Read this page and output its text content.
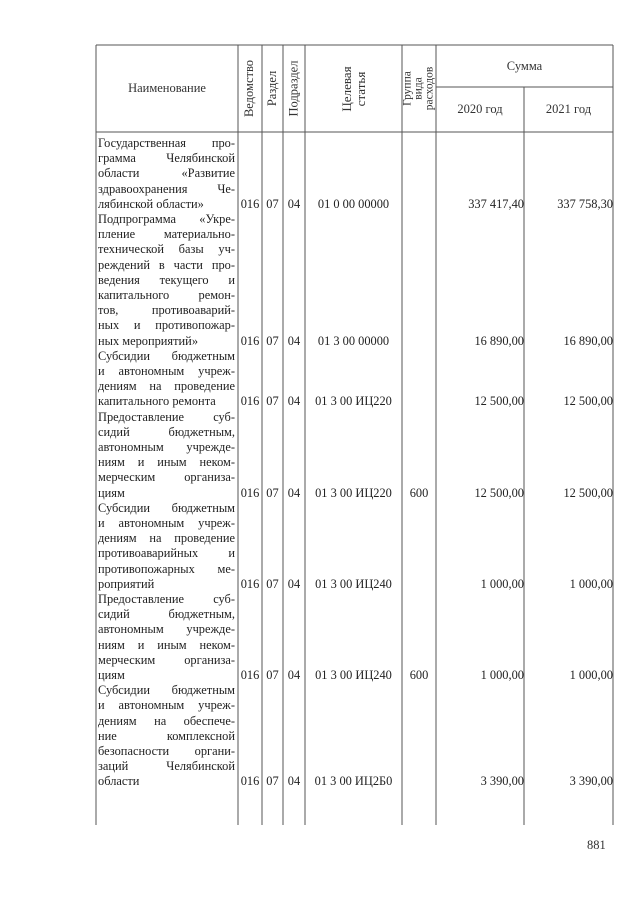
Наименование	Ведомство Раздел Подраздел	Целевая статья	Группа вида расходов
Сумма
2020 год	2021 год
Государственная про-
грамма Челябинской
области «Развитие
здравоохранения Че-
лябинской области»	016 07 04	01 0 00 00000	337 417,40	337 758,30
Подпрограмма «Укре-
пление материально-
технической базы уч-
реждений в части про-
ведения текущего и
капитального ремон-
тов, противоаварий-
ных и противопожар-
ных мероприятий»	016 07 04	01 3 00 00000	16 890,00	16 890,00
Субсидии бюджетным
и автономным учреж-
дениям на проведение
капитального ремонта	016 07 04	01 3 00 ИЦ220	12 500,00	12 500,00
Предоставление суб-
сидий бюджетным,
автономным учрежде-
ниям и иным неком-
мерческим организа-
циям	016 07 04	01 3 00 ИЦ220	600	12 500,00	12 500,00
Субсидии бюджетным
и автономным учреж-
дениям на проведение
противоаварийных и
противопожарных ме-
роприятий	016 07 04	01 3 00 ИЦ240	1 000,00	1 000,00
Предоставление суб-
сидий бюджетным,
автономным учрежде-
ниям и иным неком-
мерческим организа-
циям	016 07 04	01 3 00 ИЦ240	600	1 000,00	1 000,00
Субсидии бюджетным
и автономным учреж-
дениям на обеспече-
ние комплексной
безопасности органи-
заций Челябинской
области	016 07 04	01 3 00 ИЦ2Б0	3 390,00	3 390,00
881
